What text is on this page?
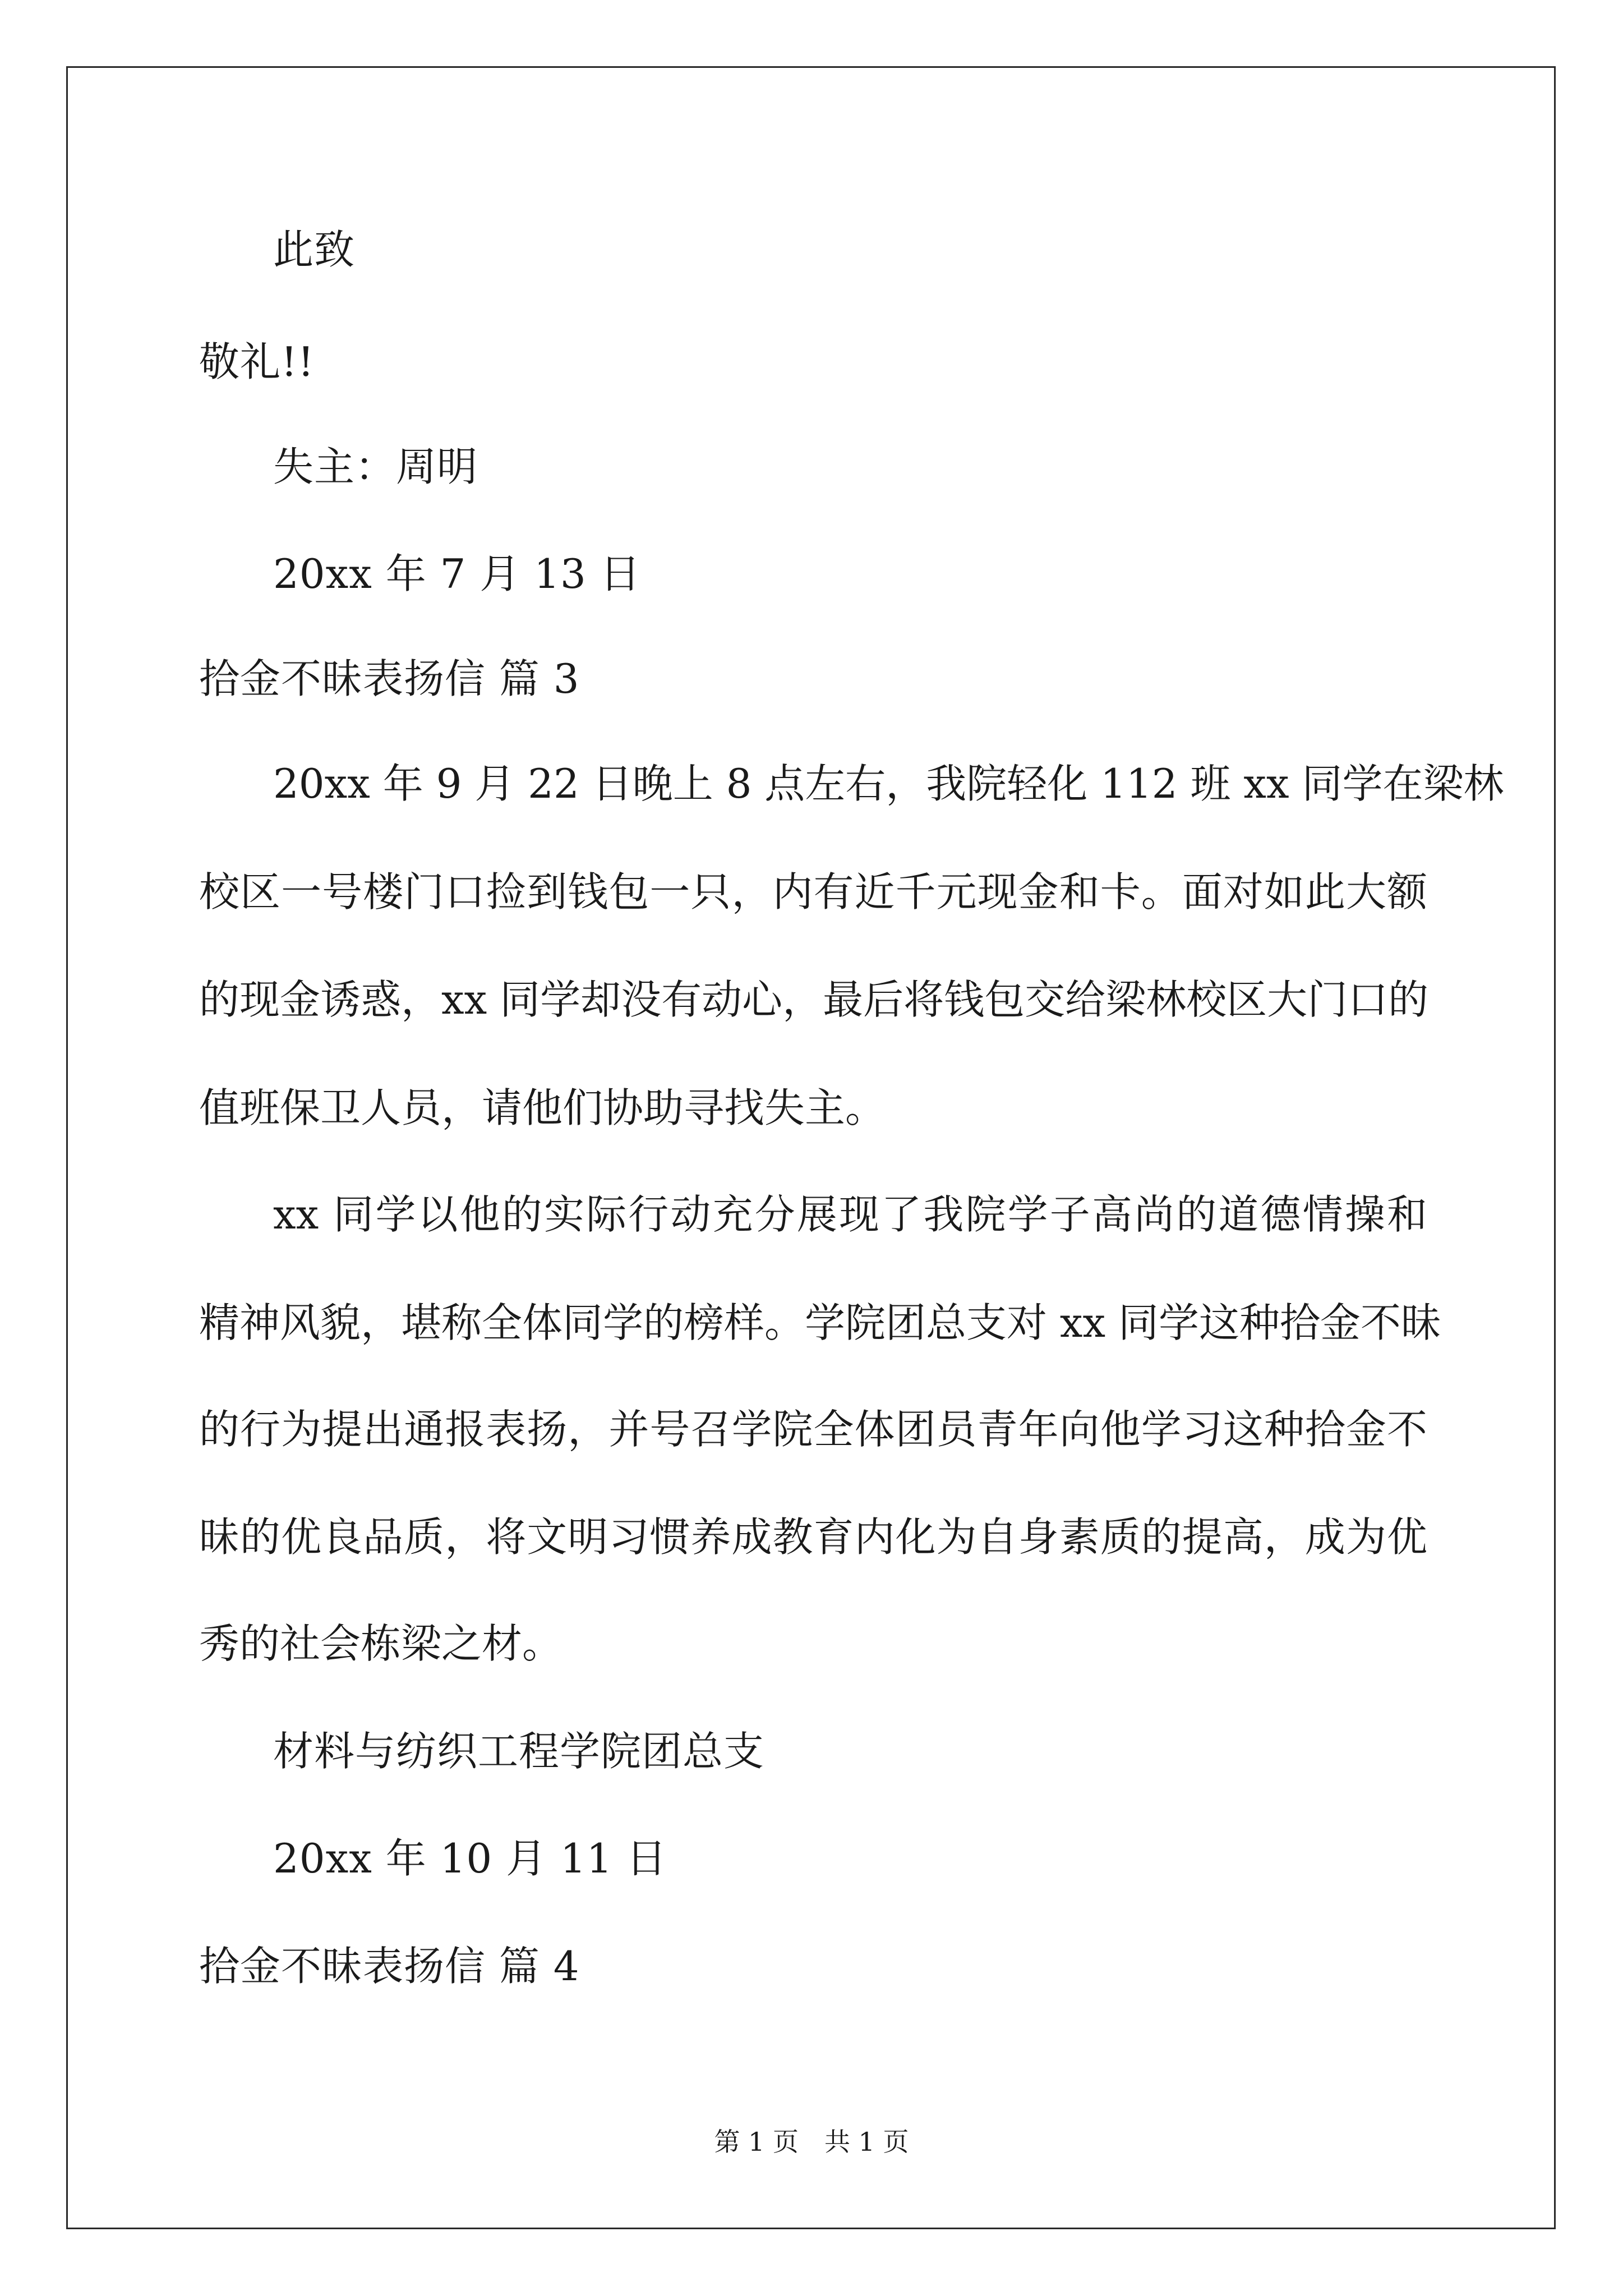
此致
敬礼!!
失主：周明
20xx 年 7 月 13 日
拾金不昧表扬信 篇 3
20xx 年 9 月 22 日晚上 8 点左右，我院轻化 112 班 xx 同学在梁林
校区一号楼门口捡到钱包一只，内有近千元现金和卡。面对如此大额
的现金诱惑，xx 同学却没有动心，最后将钱包交给梁林校区大门口的
值班保卫人员，请他们协助寻找失主。
xx 同学以他的实际行动充分展现了我院学子高尚的道德情操和
精神风貌，堪称全体同学的榜样。学院团总支对 xx 同学这种拾金不昧
的行为提出通报表扬，并号召学院全体团员青年向他学习这种拾金不
昧的优良品质，将文明习惯养成教育内化为自身素质的提高，成为优
秀的社会栋梁之材。
材料与纺织工程学院团总支
20xx 年 10 月 11 日
拾金不昧表扬信 篇 4
第 1 页　共 1 页
